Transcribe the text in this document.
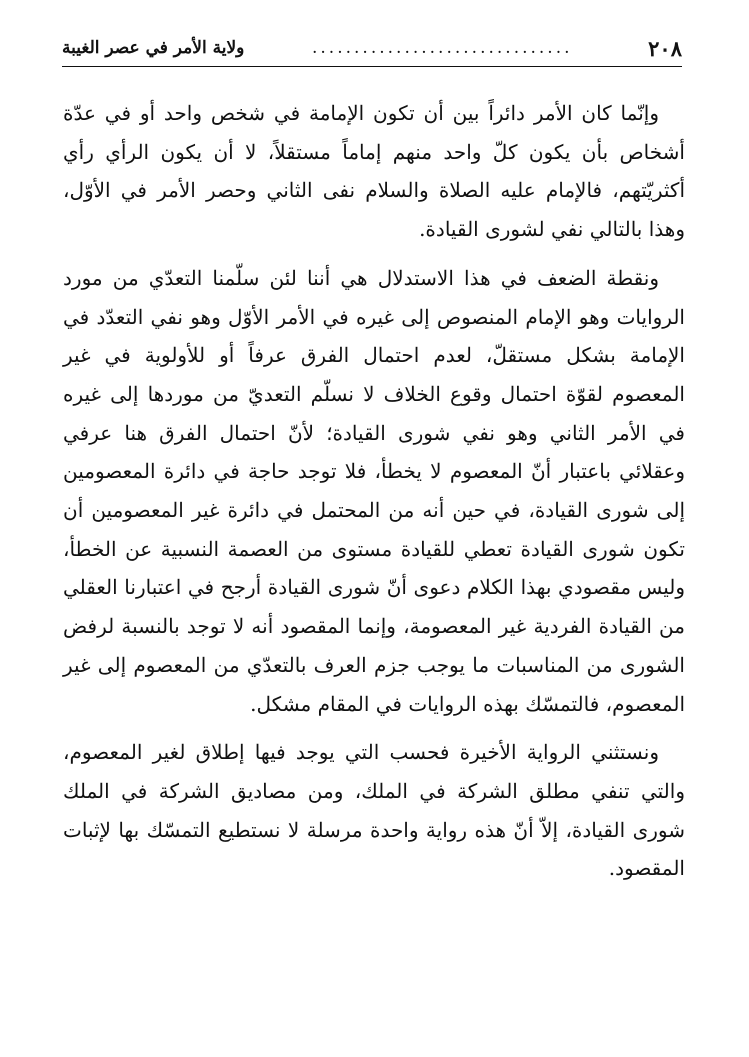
٢٠٨
...............................
ولاية الأمر في عصر الغيبة

وإنّما كان الأمر دائراً بين أن تكون الإمامة في شخص واحد أو في عدّة أشخاص بأن يكون كلّ واحد منهم إماماً مستقلاً، لا أن يكون الرأي رأي أكثريّتهم، فالإمام عليه الصلاة والسلام نفى الثاني وحصر الأمر في الأوّل، وهذا بالتالي نفي لشورى القيادة.

ونقطة الضعف في هذا الاستدلال هي أننا لئن سلّمنا التعدّي من مورد الروايات وهو الإمام المنصوص إلى غيره في الأمر الأوّل وهو نفي التعدّد في الإمامة بشكل مستقلّ، لعدم احتمال الفرق عرفاً أو للأولوية في غير المعصوم لقوّة احتمال وقوع الخلاف لا نسلّم التعديّ من موردها إلى غيره في الأمر الثاني وهو نفي شورى القيادة؛ لأنّ احتمال الفرق هنا عرفي وعقلائي باعتبار أنّ المعصوم لا يخطأ، فلا توجد حاجة في دائرة المعصومين إلى شورى القيادة، في حين أنه من المحتمل في دائرة غير المعصومين أن تكون شورى القيادة تعطي للقيادة مستوى من العصمة النسبية عن الخطأ، وليس مقصودي بهذا الكلام دعوى أنّ شورى القيادة أرجح في اعتبارنا العقلي من القيادة الفردية غير المعصومة، وإنما المقصود أنه لا توجد بالنسبة لرفض الشورى من المناسبات ما يوجب جزم العرف بالتعدّي من المعصوم إلى غير المعصوم، فالتمسّك بهذه الروايات في المقام مشكل.

ونستثني الرواية الأخيرة فحسب التي يوجد فيها إطلاق لغير المعصوم، والتي تنفي مطلق الشركة في الملك، ومن مصاديق الشركة في الملك شورى القيادة، إلاّ أنّ هذه رواية واحدة مرسلة لا نستطيع التمسّك بها لإثبات المقصود.
